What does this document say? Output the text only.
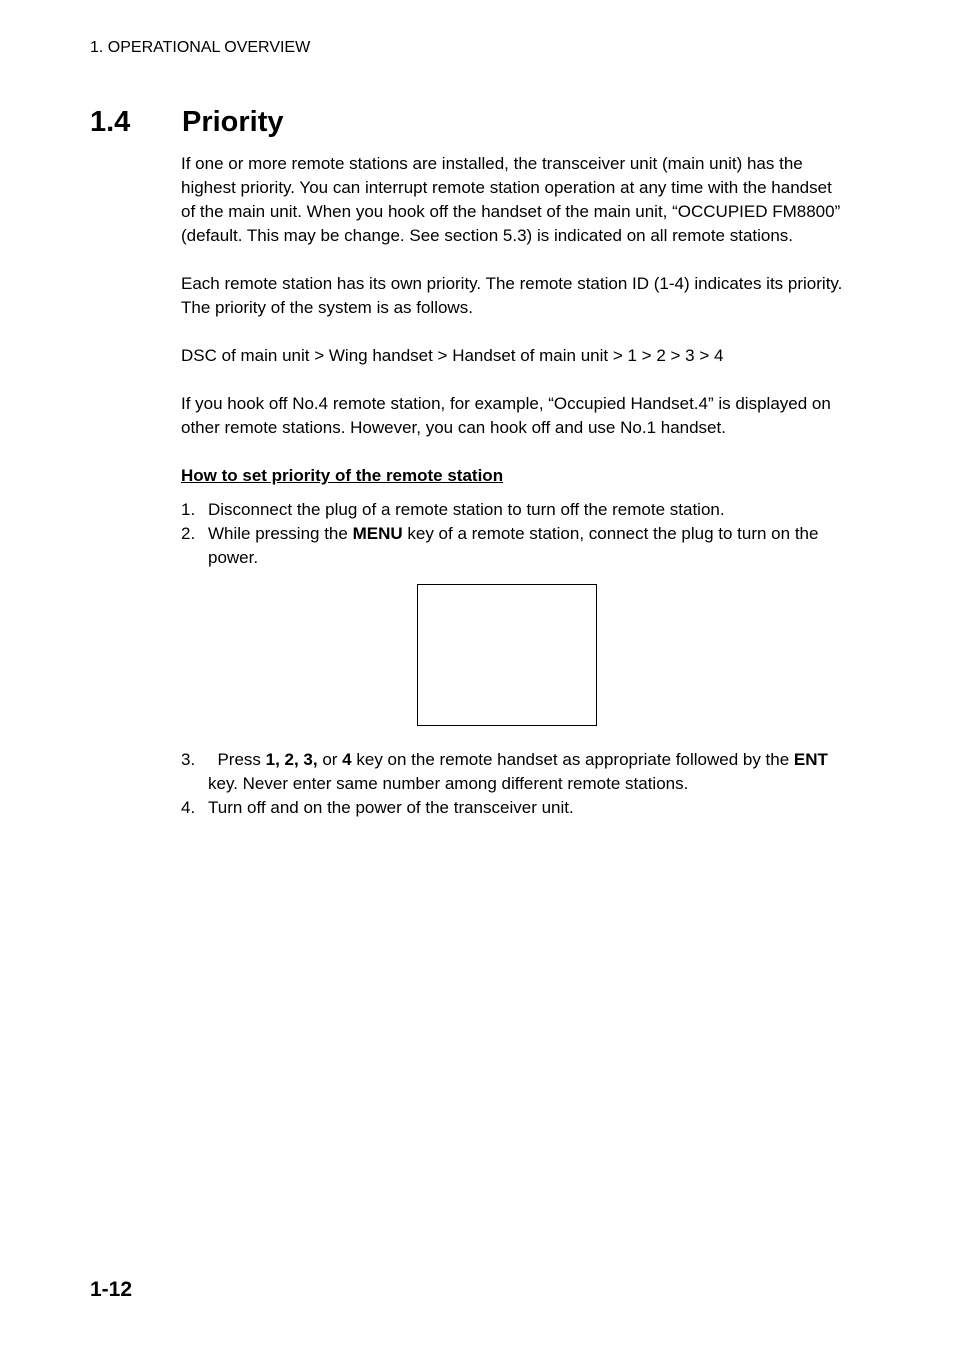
1. OPERATIONAL OVERVIEW
1.4 Priority

If one or more remote stations are installed, the transceiver unit (main unit) has the highest priority. You can interrupt remote station operation at any time with the handset of the main unit. When you hook off the handset of the main unit, “OCCUPIED FM8800” (default. This may be change. See section 5.3) is indicated on all remote stations.

Each remote station has its own priority. The remote station ID (1-4) indicates its priority. The priority of the system is as follows.

DSC of main unit > Wing handset > Handset of main unit > 1 > 2 > 3 > 4

If you hook off No.4 remote station, for example, “Occupied Handset.4” is displayed on other remote stations. However, you can hook off and use No.1 handset.

How to set priority of the remote station
1. Disconnect the plug of a remote station to turn off the remote station.
2. While pressing the MENU key of a remote station, connect the plug to turn on the power.
3. Press 1, 2, 3, or 4 key on the remote handset as appropriate followed by the ENT key. Never enter same number among different remote stations.
4. Turn off and on the power of the transceiver unit.
1-12
